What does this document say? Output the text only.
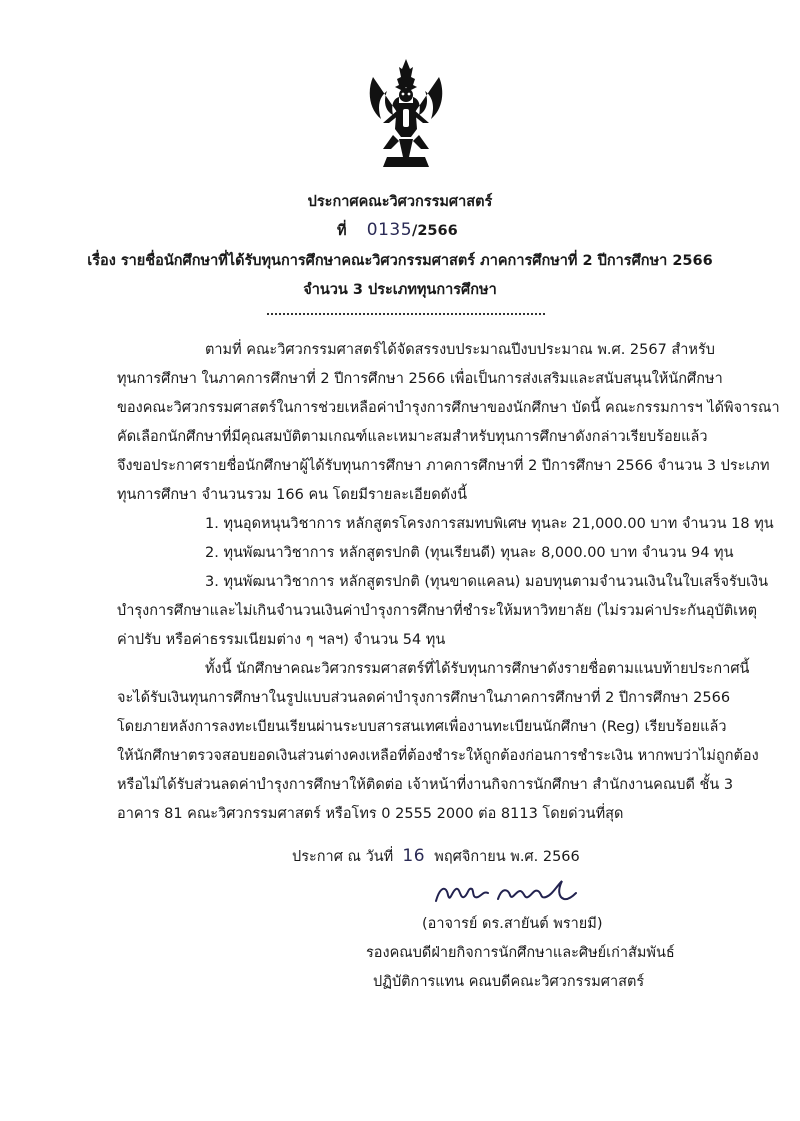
ประกาศคณะวิศวกรรมศาสตร์
ที่ 0135/2566
เรื่อง รายชื่อนักศึกษาที่ได้รับทุนการศึกษาคณะวิศวกรรมศาสตร์ ภาคการศึกษาที่ 2 ปีการศึกษา 2566
จำนวน 3 ประเภททุนการศึกษา
ตามที่ คณะวิศวกรรมศาสตร์ได้จัดสรรงบประมาณปีงบประมาณ พ.ศ. 2567 สำหรับ
ทุนการศึกษา ในภาคการศึกษาที่ 2 ปีการศึกษา 2566 เพื่อเป็นการส่งเสริมและสนับสนุนให้นักศึกษา
ของคณะวิศวกรรมศาสตร์ในการช่วยเหลือค่าบำรุงการศึกษาของนักศึกษา บัดนี้ คณะกรรมการฯ ได้พิจารณา
คัดเลือกนักศึกษาที่มีคุณสมบัติตามเกณฑ์และเหมาะสมสำหรับทุนการศึกษาดังกล่าวเรียบร้อยแล้ว
จึงขอประกาศรายชื่อนักศึกษาผู้ได้รับทุนการศึกษา ภาคการศึกษาที่ 2 ปีการศึกษา 2566 จำนวน 3 ประเภท
ทุนการศึกษา จำนวนรวม 166 คน โดยมีรายละเอียดดังนี้
1. ทุนอุดหนุนวิชาการ หลักสูตรโครงการสมทบพิเศษ ทุนละ 21,000.00 บาท จำนวน 18 ทุน
2. ทุนพัฒนาวิชาการ หลักสูตรปกติ (ทุนเรียนดี) ทุนละ 8,000.00 บาท จำนวน 94 ทุน
3. ทุนพัฒนาวิชาการ หลักสูตรปกติ (ทุนขาดแคลน) มอบทุนตามจำนวนเงินในใบเสร็จรับเงิน
บำรุงการศึกษาและไม่เกินจำนวนเงินค่าบำรุงการศึกษาที่ชำระให้มหาวิทยาลัย (ไม่รวมค่าประกันอุบัติเหตุ
ค่าปรับ หรือค่าธรรมเนียมต่าง ๆ ฯลฯ) จำนวน 54 ทุน
ทั้งนี้ นักศึกษาคณะวิศวกรรมศาสตร์ที่ได้รับทุนการศึกษาดังรายชื่อตามแนบท้ายประกาศนี้
จะได้รับเงินทุนการศึกษาในรูปแบบส่วนลดค่าบำรุงการศึกษาในภาคการศึกษาที่ 2 ปีการศึกษา 2566
โดยภายหลังการลงทะเบียนเรียนผ่านระบบสารสนเทศเพื่องานทะเบียนนักศึกษา (Reg) เรียบร้อยแล้ว
ให้นักศึกษาตรวจสอบยอดเงินส่วนต่างคงเหลือที่ต้องชำระให้ถูกต้องก่อนการชำระเงิน หากพบว่าไม่ถูกต้อง
หรือไม่ได้รับส่วนลดค่าบำรุงการศึกษาให้ติดต่อ เจ้าหน้าที่งานกิจการนักศึกษา สำนักงานคณบดี ชั้น 3
อาคาร 81 คณะวิศวกรรมศาสตร์ หรือโทร 0 2555 2000 ต่อ 8113 โดยด่วนที่สุด
ประกาศ ณ วันที่ 16 พฤศจิกายน พ.ศ. 2566
(อาจารย์ ดร.สายันต์ พรายมี)
รองคณบดีฝ่ายกิจการนักศึกษาและศิษย์เก่าสัมพันธ์
ปฏิบัติการแทน คณบดีคณะวิศวกรรมศาสตร์
